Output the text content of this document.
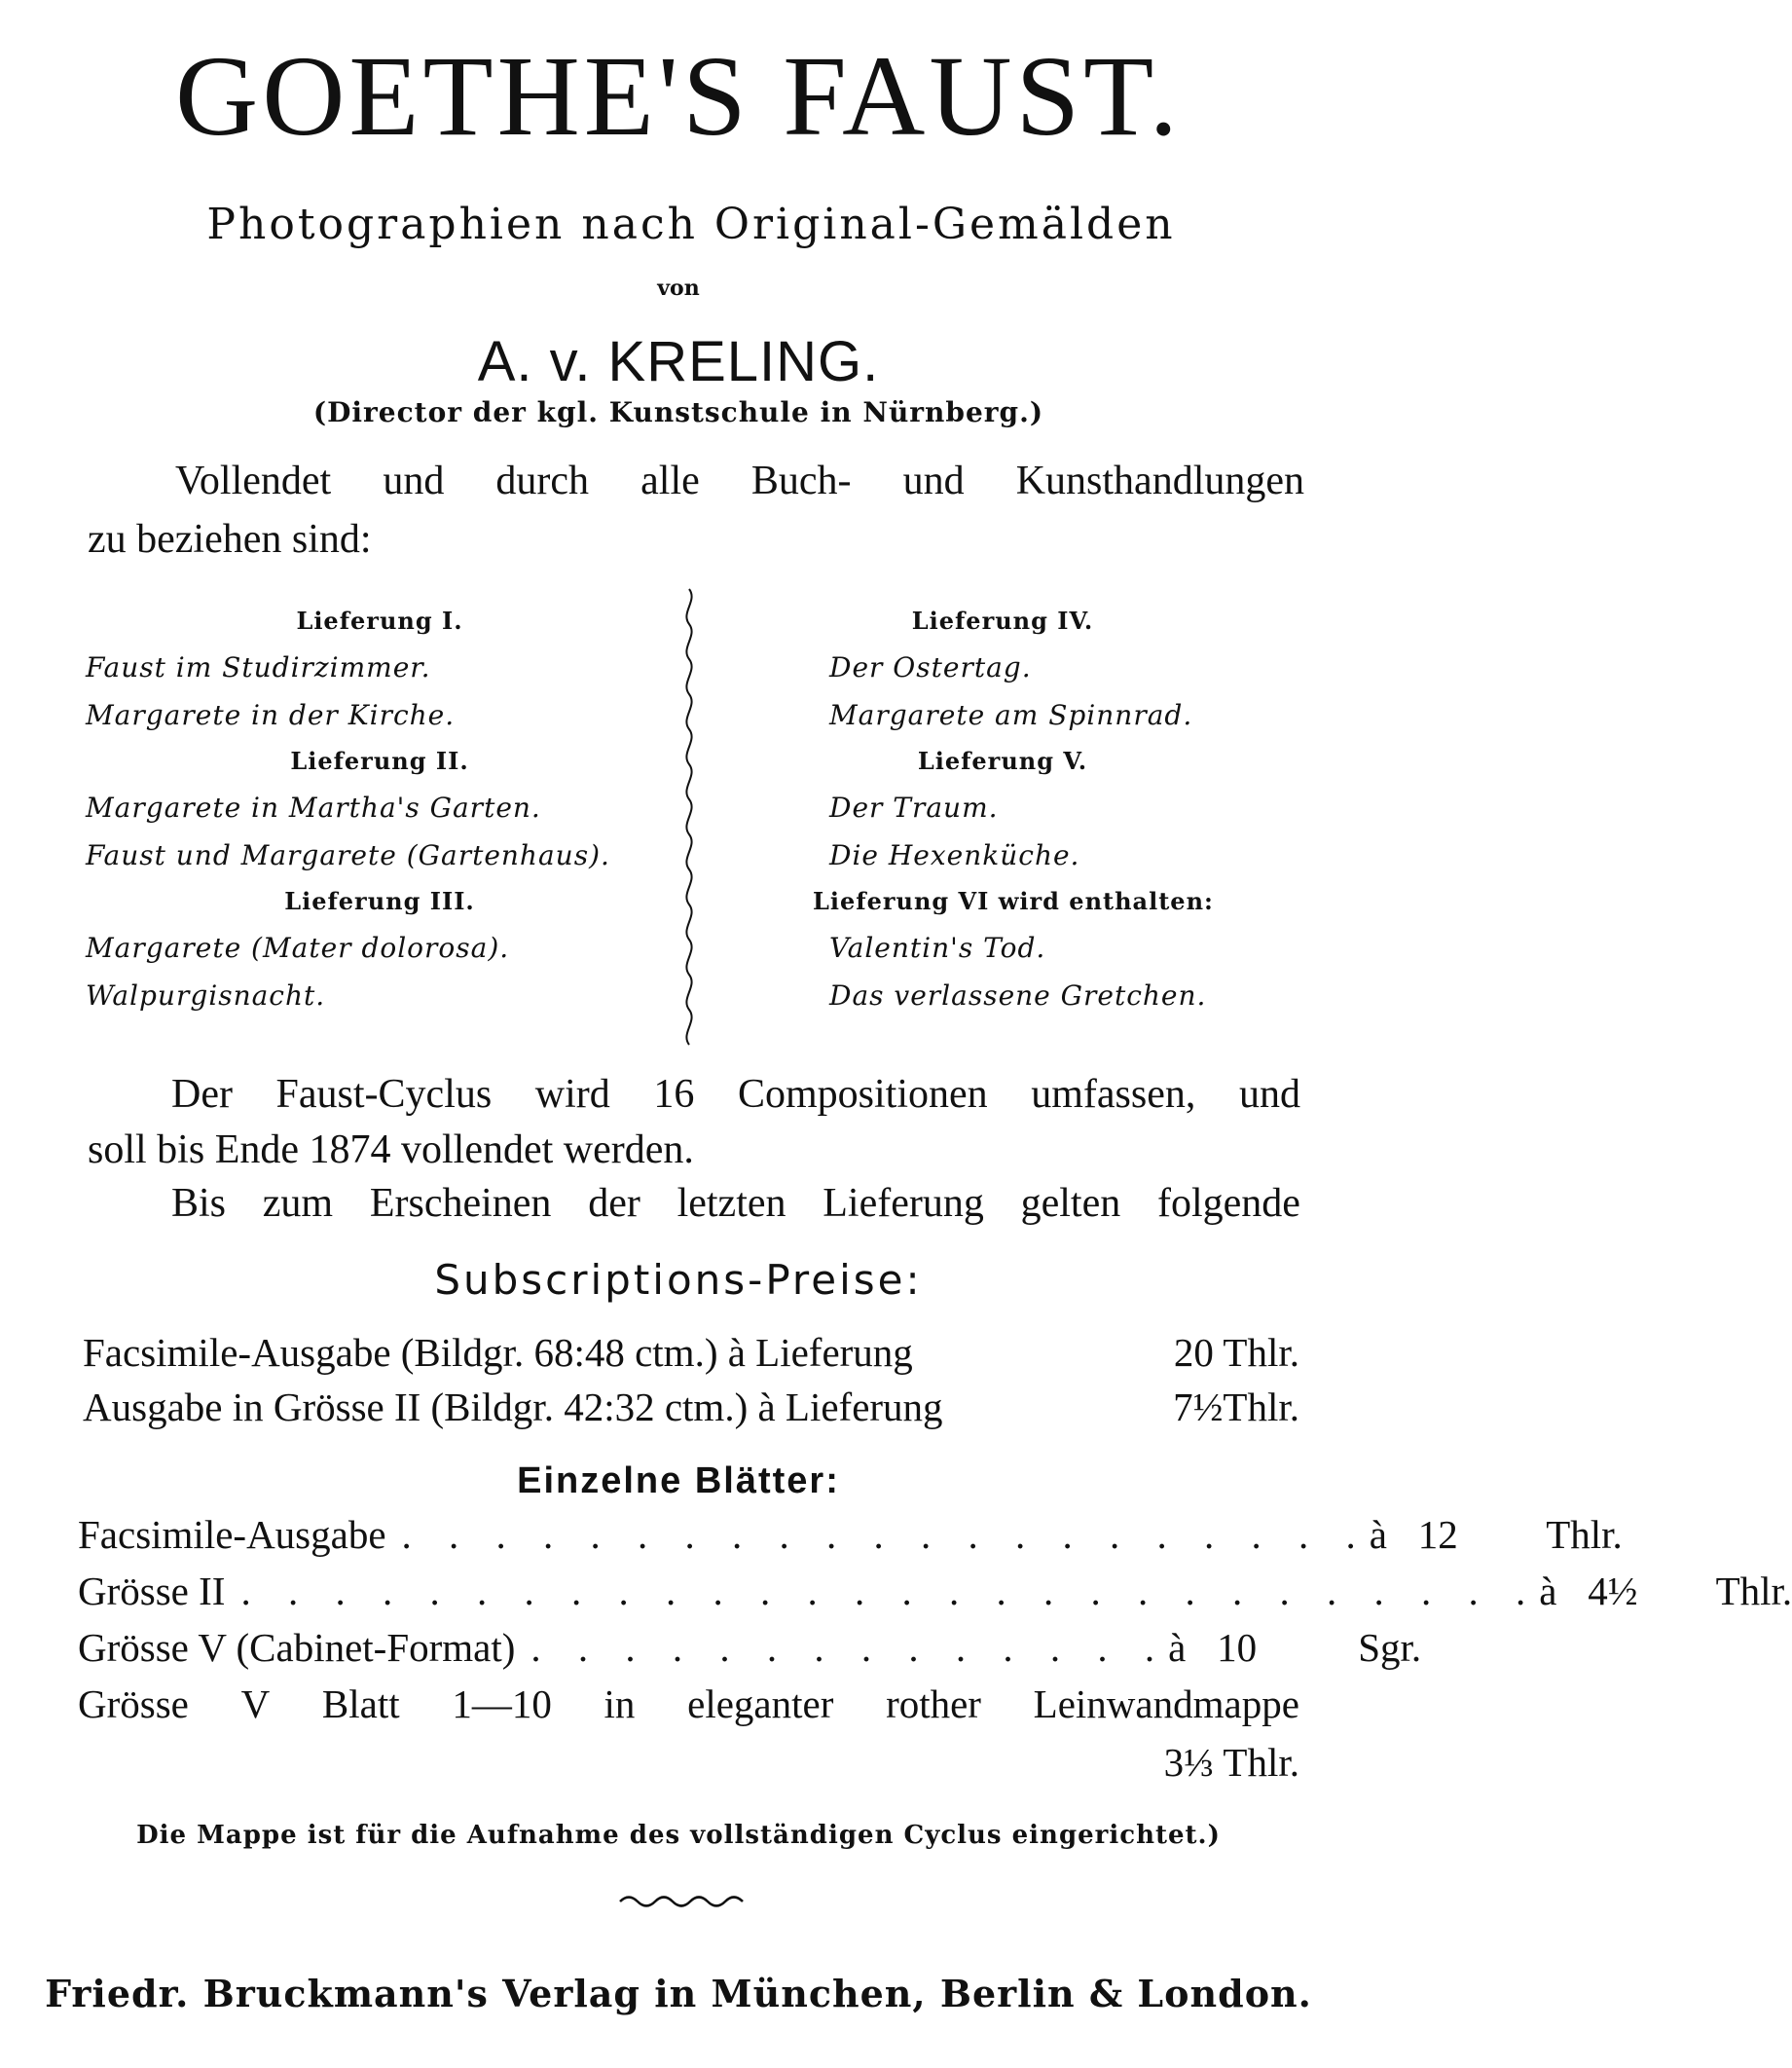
GOETHE'S FAUST.
Photographien nach Original-Gemälden
von
A. v. KRELING.
(Director der kgl. Kunstschule in Nürnberg.)
Vollendet und durch alle Buch- und Kunsthandlungen
zu beziehen sind:
Lieferung I.
Faust im Studirzimmer.
Margarete in der Kirche.
Lieferung II.
Margarete in Martha's Garten.
Faust und Margarete (Gartenhaus).
Lieferung III.
Margarete (Mater dolorosa).
Walpurgisnacht.
Lieferung IV.
Der Ostertag.
Margarete am Spinnrad.
Lieferung V.
Der Traum.
Die Hexenküche.
Lieferung VI wird enthalten:
Valentin's Tod.
Das verlassene Gretchen.
Der Faust-Cyclus wird 16 Compositionen umfassen, und
soll bis Ende 1874 vollendet werden.
Bis zum Erscheinen der letzten Lieferung gelten folgende
Subscriptions-Preise:
Facsimile-Ausgabe (Bildgr. 68:48 ctm.) à Lieferung	20 Thlr.
Ausgabe in Grösse II (Bildgr. 42:32 ctm.) à Lieferung	7½Thlr.
Einzelne Blätter:
Facsimile-Ausgabe . . . . . . . . . . . . . . . . . . . . . à 12	Thlr.
Grösse II . . . . . . . . . . . . . . . . . . . . . . . . . . . . à 4½	Thlr.
Grösse V (Cabinet-Format) . . . . . . . . . . . . . . à 10	Sgr.
Grösse V Blatt 1—10 in eleganter rother Leinwandmappe
3⅓ Thlr.
Die Mappe ist für die Aufnahme des vollständigen Cyclus eingerichtet.)
Friedr. Bruckmann's Verlag in München, Berlin & London.
